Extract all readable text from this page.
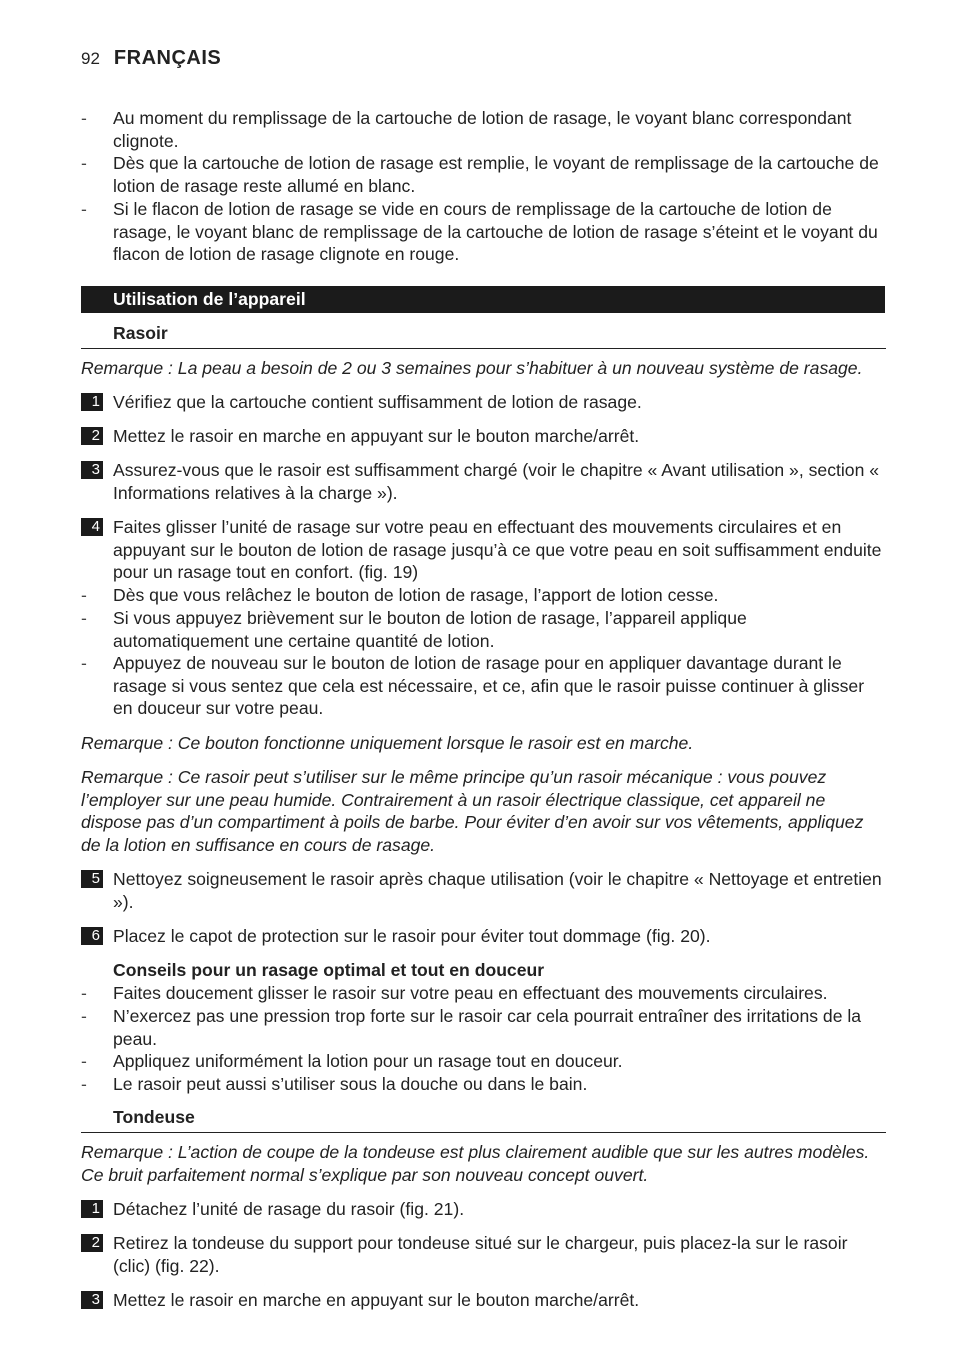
92 FRANÇAIS
- Au moment du remplissage de la cartouche de lotion de rasage, le voyant blanc correspondant clignote.
- Dès que la cartouche de lotion de rasage est remplie, le voyant de remplissage de la cartouche de lotion de rasage reste allumé en blanc.
- Si le flacon de lotion de rasage se vide en cours de remplissage de la cartouche de lotion de rasage, le voyant blanc de remplissage de la cartouche de lotion de rasage s’éteint et le voyant du flacon de lotion de rasage clignote en rouge.
Utilisation de l’appareil
Rasoir
Remarque : La peau a besoin de 2 ou 3 semaines pour s’habituer à un nouveau système de rasage.
1 Vérifiez que la cartouche contient suffisamment de lotion de rasage.
2 Mettez le rasoir en marche en appuyant sur le bouton marche/arrêt.
3 Assurez-vous que le rasoir est suffisamment chargé (voir le chapitre « Avant utilisation », section « Informations relatives à la charge »).
4 Faites glisser l’unité de rasage sur votre peau en effectuant des mouvements circulaires et en appuyant sur le bouton de lotion de rasage jusqu’à ce que votre peau en soit suffisamment enduite pour un rasage tout en confort. (fig. 19)
- Dès que vous relâchez le bouton de lotion de rasage, l’apport de lotion cesse.
- Si vous appuyez brièvement sur le bouton de lotion de rasage, l’appareil applique automatiquement une certaine quantité de lotion.
- Appuyez de nouveau sur le bouton de lotion de rasage pour en appliquer davantage durant le rasage si vous sentez que cela est nécessaire, et ce, afin que le rasoir puisse continuer à glisser en douceur sur votre peau.
Remarque : Ce bouton fonctionne uniquement lorsque le rasoir est en marche.
Remarque : Ce rasoir peut s’utiliser sur le même principe qu’un rasoir mécanique : vous pouvez l’employer sur une peau humide. Contrairement à un rasoir électrique classique, cet appareil ne dispose pas d’un compartiment à poils de barbe. Pour éviter d’en avoir sur vos vêtements, appliquez de la lotion en suffisance en cours de rasage.
5 Nettoyez soigneusement le rasoir après chaque utilisation (voir le chapitre « Nettoyage et entretien »).
6 Placez le capot de protection sur le rasoir pour éviter tout dommage (fig. 20).
Conseils pour un rasage optimal et tout en douceur
- Faites doucement glisser le rasoir sur votre peau en effectuant des mouvements circulaires.
- N’exercez pas une pression trop forte sur le rasoir car cela pourrait entraîner des irritations de la peau.
- Appliquez uniformément la lotion pour un rasage tout en douceur.
- Le rasoir peut aussi s’utiliser sous la douche ou dans le bain.
Tondeuse
Remarque : L’action de coupe de la tondeuse est plus clairement audible que sur les autres modèles. Ce bruit parfaitement normal s’explique par son nouveau concept ouvert.
1 Détachez l’unité de rasage du rasoir (fig. 21).
2 Retirez la tondeuse du support pour tondeuse situé sur le chargeur, puis placez-la sur le rasoir (clic) (fig. 22).
3 Mettez le rasoir en marche en appuyant sur le bouton marche/arrêt.
